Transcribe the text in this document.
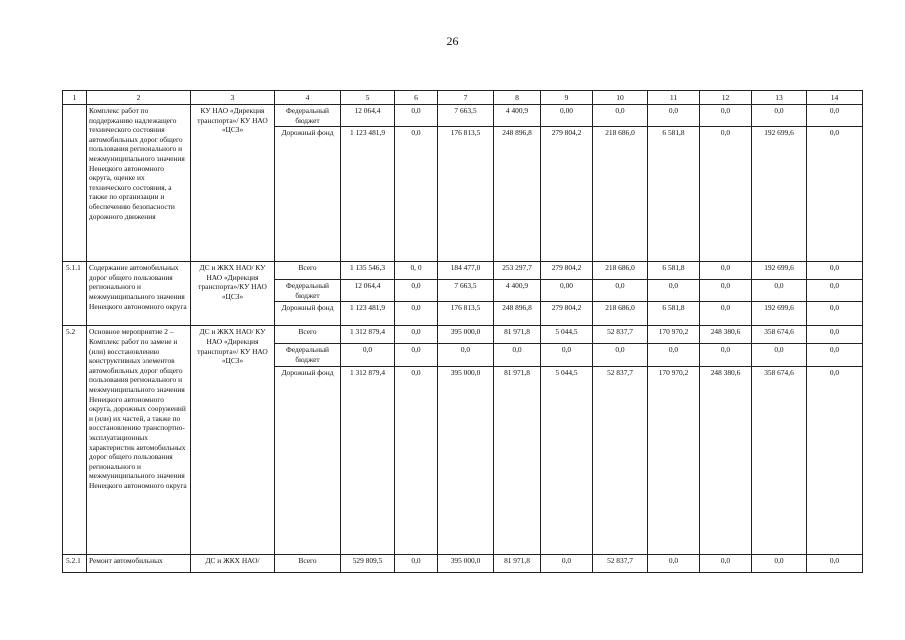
26
1	2	3	4	5	6	7	8	9	10	11	12	13	14
	Комплекс работ по поддержанию надлежащего технического состояния автомобильных дорог общего пользования регионального и межмуниципального значения Ненецкого автономного округа, оценке их технического состояния, а также по организации и обеспечению безопасности дорожного движения	КУ НАО «Дирекция транспорта»/ КУ НАО «ЦСЗ»	Федеральный бюджет	12 064,4	0,0	7 663,5	4 400,9	0,00	0,0	0,0	0,0	0,0	0,0
			Дорожный фонд	1 123 481,9	0,0	176 813,5	248 896,8	279 804,2	218 686,0	6 581,8	0,0	192 699,6	0,0
5.1.1	Содержание автомобильных дорог общего пользования регионального и межмуниципального значения Ненецкого автономного округа	ДС и ЖКХ НАО/ КУ НАО «Дирекция транспорта»/КУ НАО «ЦСЗ»	Всего	1 135 546,3	0, 0	184 477,0	253 297,7	279 804,2	218 686,0	6 581,8	0,0	192 699,6	0,0
			Федеральный бюджет	12 064,4	0,0	7 663,5	4 400,9	0,00	0,0	0,0	0,0	0,0	0,0
			Дорожный фонд	1 123 481,9	0,0	176 813,5	248 896,8	279 804,2	218 686,0	6 581,8	0,0	192 699,6	0,0
5.2	Основное мероприятие 2 – Комплекс работ по замене и (или) восстановлению конструктивных элементов автомобильных дорог общего пользования регионального и межмуниципального значения Ненецкого автономного округа, дорожных сооружений и (или) их частей, а также по восстановлению транспортно-эксплуатационных характеристик автомобильных дорог общего пользования регионального и межмуниципального значения Ненецкого автономного округа	ДС и ЖКХ НАО/ КУ НАО «Дирекция транспорта»/ КУ НАО «ЦСЗ»	Всего	1 312 879,4	0,0	395 000,0	81 971,8	5 044,5	52 837,7	170 970,2	248 380,6	358 674,6	0,0
			Федеральный бюджет	0,0	0,0	0,0	0,0	0,0	0,0	0,0	0,0	0,0	0,0
			Дорожный фонд	1 312 879,4	0,0	395 000,0	81 971,8	5 044,5	52 837,7	170 970,2	248 380,6	358 674,6	0,0
5.2.1	Ремонт автомобильных	ДС и ЖКХ НАО/	Всего	529 809,5	0,0	395 000,0	81 971,8	0,0	52 837,7	0,0	0,0	0,0	0,0
